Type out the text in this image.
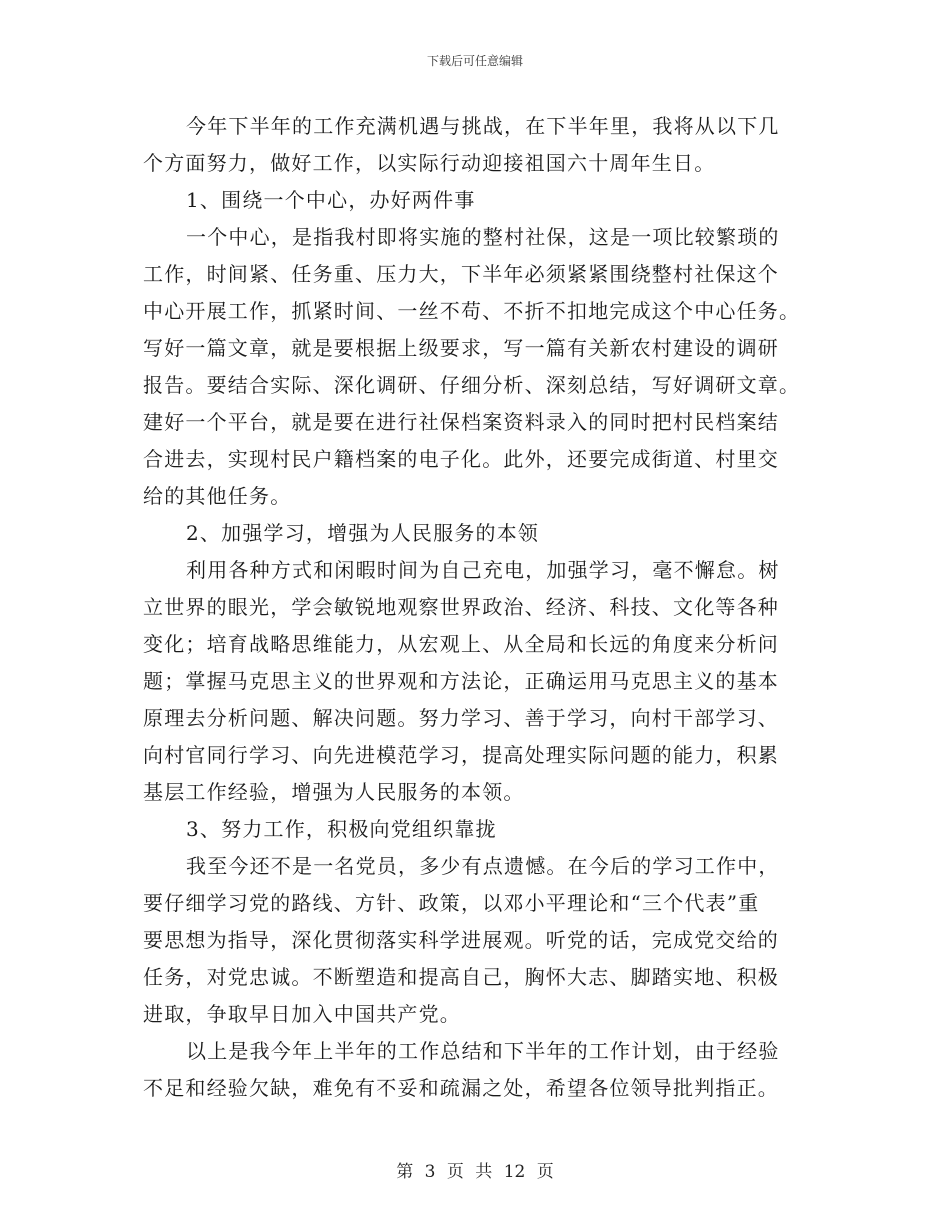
下载后可任意编辑
今年下半年的工作充满机遇与挑战，在下半年里，我将从以下几
个方面努力，做好工作，以实际行动迎接祖国六十周年生日。
1、围绕一个中心，办好两件事
一个中心，是指我村即将实施的整村社保，这是一项比较繁琐的
工作，时间紧、任务重、压力大，下半年必须紧紧围绕整村社保这个
中心开展工作，抓紧时间、一丝不苟、不折不扣地完成这个中心任务。
写好一篇文章，就是要根据上级要求，写一篇有关新农村建设的调研
报告。要结合实际、深化调研、仔细分析、深刻总结，写好调研文章。
建好一个平台，就是要在进行社保档案资料录入的同时把村民档案结
合进去，实现村民户籍档案的电子化。此外，还要完成街道、村里交
给的其他任务。
2、加强学习，增强为人民服务的本领
利用各种方式和闲暇时间为自己充电，加强学习，毫不懈怠。树
立世界的眼光，学会敏锐地观察世界政治、经济、科技、文化等各种
变化；培育战略思维能力，从宏观上、从全局和长远的角度来分析问
题；掌握马克思主义的世界观和方法论，正确运用马克思主义的基本
原理去分析问题、解决问题。努力学习、善于学习，向村干部学习、
向村官同行学习、向先进模范学习，提高处理实际问题的能力，积累
基层工作经验，增强为人民服务的本领。
3、努力工作，积极向党组织靠拢
我至今还不是一名党员，多少有点遗憾。在今后的学习工作中，
要仔细学习党的路线、方针、政策，以邓小平理论和“三个代表”重
要思想为指导，深化贯彻落实科学进展观。听党的话，完成党交给的
任务，对党忠诚。不断塑造和提高自己，胸怀大志、脚踏实地、积极
进取，争取早日加入中国共产党。
以上是我今年上半年的工作总结和下半年的工作计划，由于经验
不足和经验欠缺，难免有不妥和疏漏之处，希望各位领导批判指正。
第 3 页 共 12 页
